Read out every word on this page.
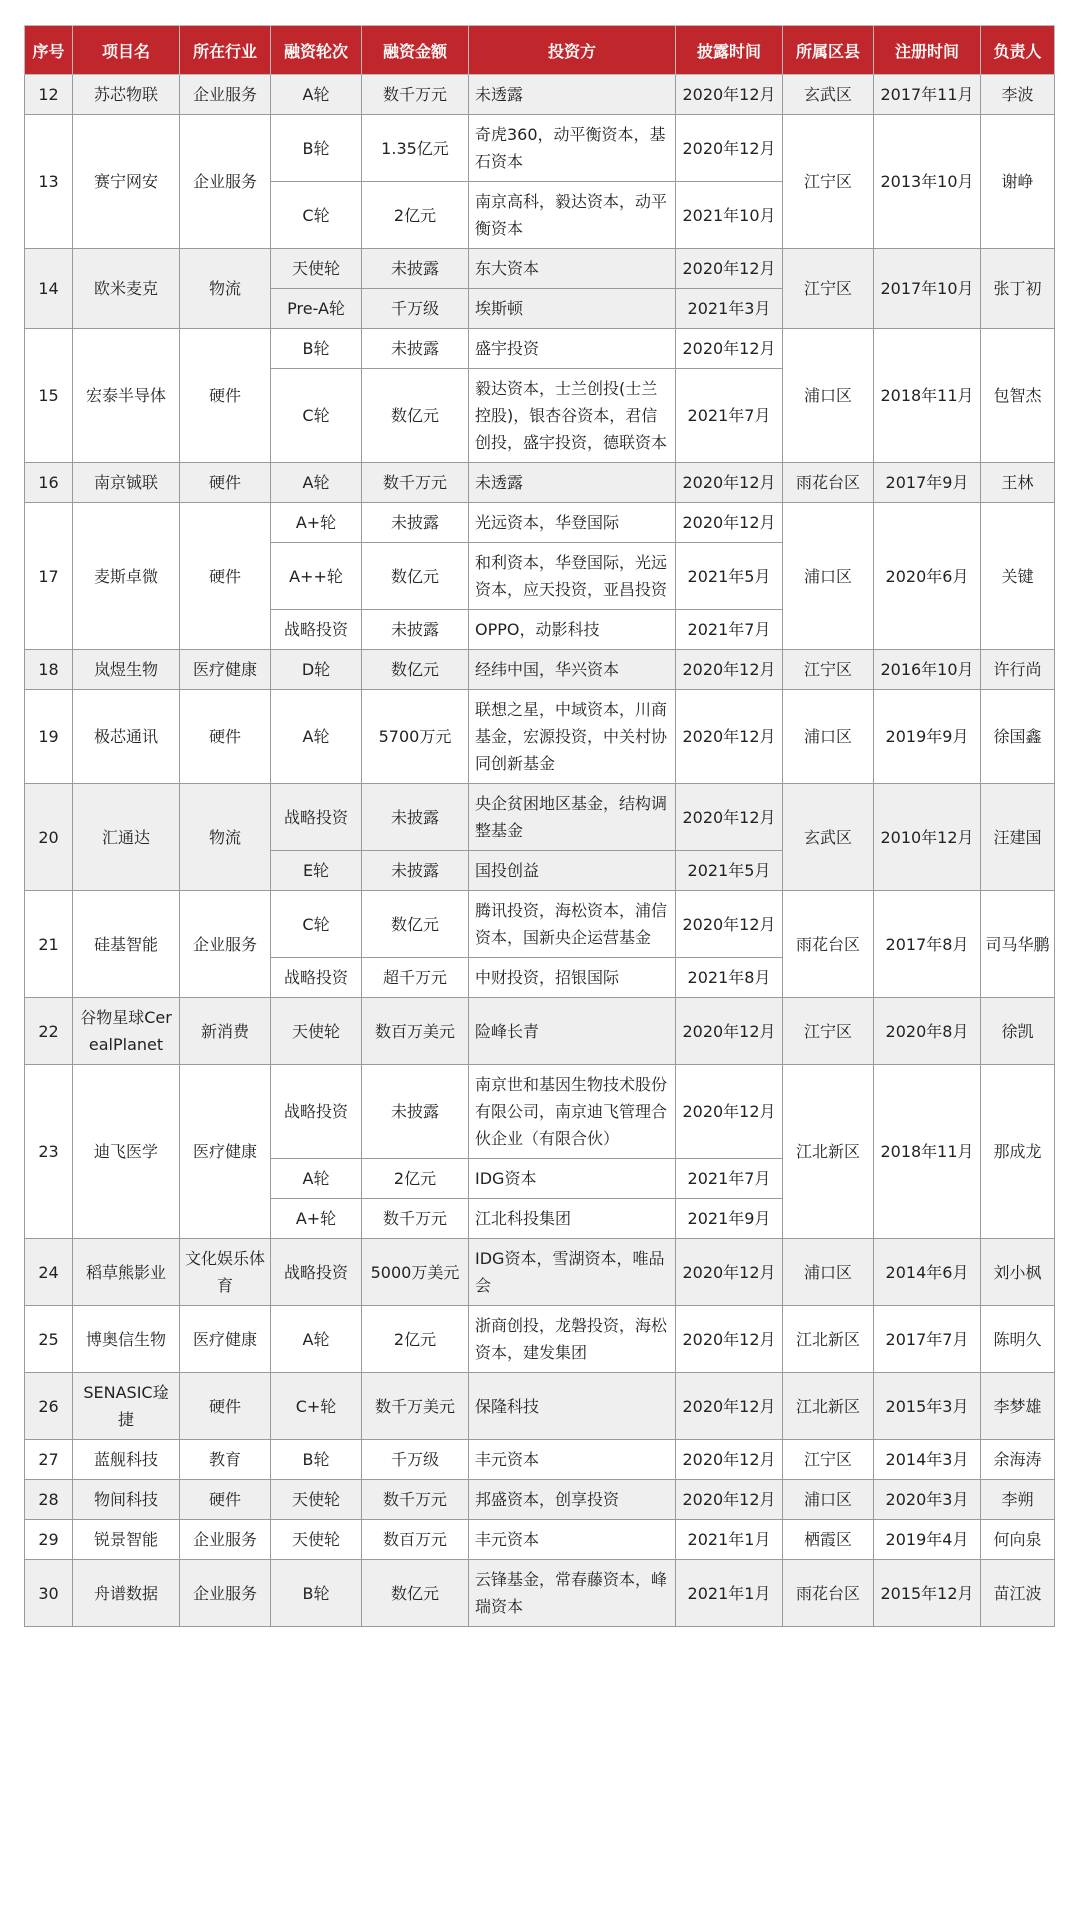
序号	项目名	所在行业	融资轮次	融资金额	投资方	披露时间	所属区县	注册时间	负责人
12	苏芯物联	企业服务	A轮	数千万元	未透露	2020年12月	玄武区	2017年11月	李波
13	赛宁网安	企业服务	B轮	1.35亿元	奇虎360，动平衡资本，基石资本	2020年12月	江宁区	2013年10月	谢峥
			C轮	2亿元	南京高科，毅达资本，动平衡资本	2021年10月			
14	欧米麦克	物流	天使轮	未披露	东大资本	2020年12月	江宁区	2017年10月	张丁初
			Pre-A轮	千万级	埃斯顿	2021年3月			
15	宏泰半导体	硬件	B轮	未披露	盛宇投资	2020年12月	浦口区	2018年11月	包智杰
			C轮	数亿元	毅达资本，士兰创投(士兰控股)，银杏谷资本，君信创投，盛宇投资，德联资本	2021年7月			
16	南京铖联	硬件	A轮	数千万元	未透露	2020年12月	雨花台区	2017年9月	王林
17	麦斯卓微	硬件	A+轮	未披露	光远资本，华登国际	2020年12月	浦口区	2020年6月	关键
			A++轮	数亿元	和利资本，华登国际，光远资本，应天投资，亚昌投资	2021年5月			
			战略投资	未披露	OPPO，动影科技	2021年7月			
18	岚煜生物	医疗健康	D轮	数亿元	经纬中国，华兴资本	2020年12月	江宁区	2016年10月	许行尚
19	极芯通讯	硬件	A轮	5700万元	联想之星，中域资本，川商基金，宏源投资，中关村协同创新基金	2020年12月	浦口区	2019年9月	徐国鑫
20	汇通达	物流	战略投资	未披露	央企贫困地区基金，结构调整基金	2020年12月	玄武区	2010年12月	汪建国
			E轮	未披露	国投创益	2021年5月			
21	硅基智能	企业服务	C轮	数亿元	腾讯投资，海松资本，浦信资本，国新央企运营基金	2020年12月	雨花台区	2017年8月	司马华鹏
			战略投资	超千万元	中财投资，招银国际	2021年8月			
22	谷物星球CerealPlanet	新消费	天使轮	数百万美元	险峰长青	2020年12月	江宁区	2020年8月	徐凯
23	迪飞医学	医疗健康	战略投资	未披露	南京世和基因生物技术股份有限公司，南京迪飞管理合伙企业（有限合伙）	2020年12月	江北新区	2018年11月	那成龙
			A轮	2亿元	IDG资本	2021年7月			
			A+轮	数千万元	江北科投集团	2021年9月			
24	稻草熊影业	文化娱乐体育	战略投资	5000万美元	IDG资本，雪湖资本，唯品会	2020年12月	浦口区	2014年6月	刘小枫
25	博奥信生物	医疗健康	A轮	2亿元	浙商创投，龙磐投资，海松资本，建发集团	2020年12月	江北新区	2017年7月	陈明久
26	SENASIC琻捷	硬件	C+轮	数千万美元	保隆科技	2020年12月	江北新区	2015年3月	李梦雄
27	蓝舰科技	教育	B轮	千万级	丰元资本	2020年12月	江宁区	2014年3月	余海涛
28	物间科技	硬件	天使轮	数千万元	邦盛资本，创享投资	2020年12月	浦口区	2020年3月	李朔
29	锐景智能	企业服务	天使轮	数百万元	丰元资本	2021年1月	栖霞区	2019年4月	何向泉
30	舟谱数据	企业服务	B轮	数亿元	云锋基金，常春藤资本，峰瑞资本	2021年1月	雨花台区	2015年12月	苗江波
